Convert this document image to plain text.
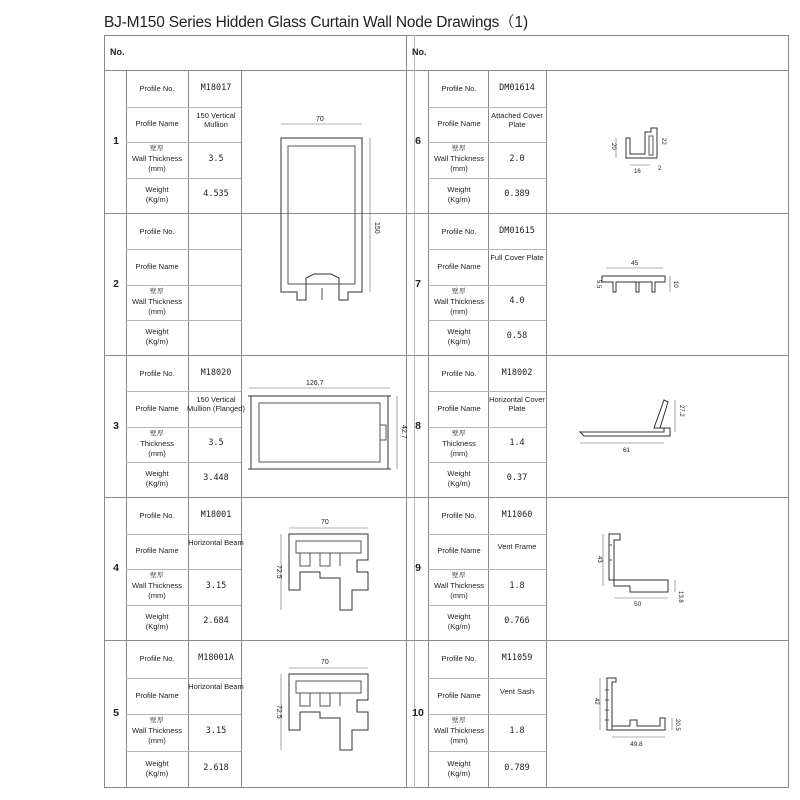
BJ-M150 Series Hidden Glass Curtain Wall Node Drawings（1)
No.	No.
1
Profile No.
Profile Name
壁厚
Wall Thickness
(mm)
Weight
(Kg/m)
M18017
150 Vertical Mullion
3.5
4.535
2
Profile No.
Profile Name
壁厚
Wall Thickness
(mm)
Weight
(Kg/m)
3
Profile No.
Profile Name
壁厚
Thickness
(mm)
Weight
(Kg/m)
M18020
150 Vertical Mullion (Flanged)
3.5
3.448
4
Profile No.
Profile Name
壁厚
Wall Thickness
(mm)
Weight
(Kg/m)
M18001
Horizontal Beam
3.15
2.684
5
Profile No.
Profile Name
壁厚
Wall Thickness
(mm)
Weight
(Kg/m)
M18001A
Horizontal Beam
3.15
2.618
6
Profile No.
Profile Name
壁厚
Wall Thickness
(mm)
Weight
(Kg/m)
DM01614
Attached Cover Plate
2.0
0.389
7
Profile No.
Profile Name
壁厚
Wall Thickness
(mm)
Weight
(Kg/m)
DM01615
Full Cover Plate
4.0
0.58
8
Profile No.
Profile Name
壁厚
Thickness
(mm)
Weight
(Kg/m)
M18002
Horizontal Cover Plate
1.4
0.37
9
Profile No.
Profile Name
壁厚
Wall Thickness
(mm)
Weight
(Kg/m)
M11060
Vent Frame
1.8
0.766
10
Profile No.
Profile Name
壁厚
Wall Thickness
(mm)
Weight
(Kg/m)
M11059
Vent Sash
1.8
0.789
70
150
126.7
42.7
70
72.5
70
72.5
20
16
22
2
45
5.5	10
61
27.2
43
50
13.8
42
49.8
20.5
